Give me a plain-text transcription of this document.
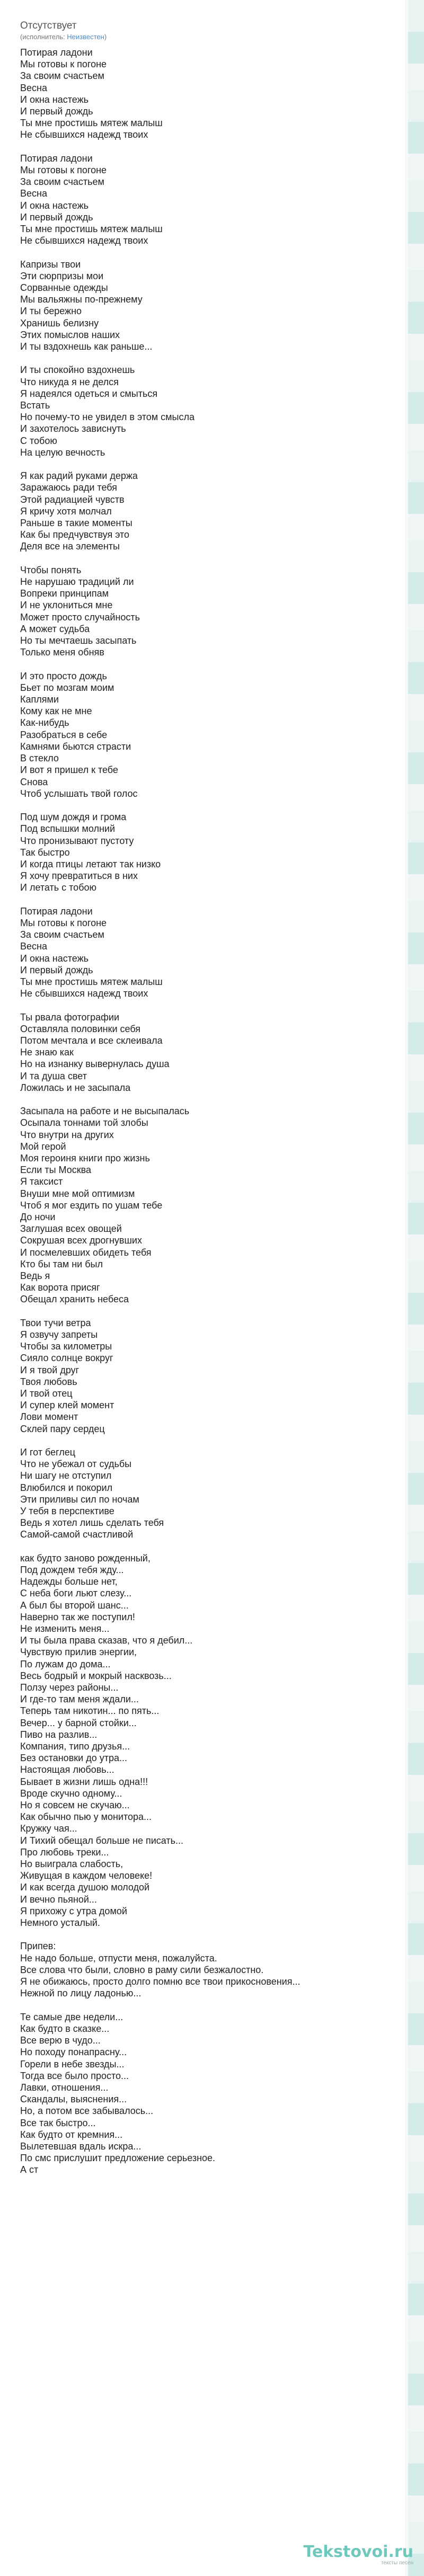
Отсутствует
(исполнитель: Неизвестен)
Потирая ладони
Мы готовы к погоне
За своим счастьем
Весна
И окна настежь
И первый дождь
Ты мне простишь мятеж малыш
Не сбывшихся надежд твоих
Потирая ладони
Мы готовы к погоне
За своим счастьем
Весна
И окна настежь
И первый дождь
Ты мне простишь мятеж малыш
Не сбывшихся надежд твоих
Капризы твои
Эти сюрпризы мои
Сорванные одежды
Мы вальяжны по-прежнему
И ты бережно
Хранишь белизну
Этих помыслов наших
И ты вздохнешь как раньше...
И ты спокойно вздохнешь
Что никуда я не делся
Я надеялся одеться и смыться
Встать
Но почему-то не увидел в этом смысла
И захотелось зависнуть
С тобою
На целую вечность
Я как радий руками держа
Заражаюсь ради тебя
Этой радиацией чувств
Я кричу хотя молчал
Раньше в такие моменты
Как бы предчувствуя это
Деля все на элементы
Чтобы понять
Не нарушаю традиций ли
Вопреки принципам
И не уклониться мне
Может просто случайность
А может судьба
Но ты мечтаешь засыпать
Только меня обняв
И это просто дождь
Бьет по мозгам моим
Каплями
Кому как не мне
Как-нибудь
Разобраться в себе
Камнями бьются страсти
В стекло
И вот я пришел к тебе
Снова
Чтоб услышать твой голос
Под шум дождя и грома
Под вспышки молний
Что пронизывают пустоту
Так быстро
И когда птицы летают так низко
Я хочу превратиться в них
И летать с тобою
Потирая ладони
Мы готовы к погоне
За своим счастьем
Весна
И окна настежь
И первый дождь
Ты мне простишь мятеж малыш
Не сбывшихся надежд твоих
Ты рвала фотографии
Оставляла половинки себя
Потом мечтала и все склеивала
Не знаю как
Но на изнанку вывернулась душа
И та душа свет
Ложилась и не засыпала
Засыпала на работе и не высыпалась
Осыпала тоннами той злобы
Что внутри на других
Мой герой
Моя героиня книги про жизнь
Если ты Москва
Я таксист
Внуши мне мой оптимизм
Чтоб я мог ездить по ушам тебе
До ночи
Заглушая всех овощей
Сокрушая всех дрогнувших
И посмелевших обидеть тебя
Кто бы там ни был
Ведь я
Как ворота присяг
Обещал хранить небеса
Твои тучи ветра
Я озвучу запреты
Чтобы за километры
Сияло солнце вокруг
И я твой друг
Твоя любовь
И твой отец
И супер клей момент
Лови момент
Склей пару сердец
И гот беглец
Что не убежал от судьбы
Ни шагу не отступил
Влюбился и покорил
Эти приливы сил по ночам
У тебя в перспективе
Ведь я хотел лишь сделать тебя
Самой-самой счастливой
как будто заново рожденный,
Под дождем тебя жду...
Надежды больше нет,
С неба боги льют слезу...
А был бы второй шанс...
Наверно так же поступил!
Не изменить меня...
И ты была права сказав, что я дебил...
Чувствую прилив энергии,
По лужам до дома...
Весь бодрый и мокрый насквозь...
Ползу через районы...
И где-то там меня ждали...
Теперь там никотин... по пять...
Вечер... у барной стойки...
Пиво на разлив...
Компания, типо друзья...
Без остановки до утра...
Настоящая любовь...
Бывает в жизни лишь одна!!!
Вроде скучно одному...
Но я совсем не скучаю...
Как обычно пью у монитора...
Кружку чая...
И Тихий обещал больше не писать...
Про любовь треки...
Но выиграла слабость,
Живущая в каждом человеке!
И как всегда душою молодой
И вечно пьяной...
Я прихожу с утра домой
Немного усталый.
Припев:
Не надо больше, отпусти меня, пожалуйста.
Все слова что были, словно в раму сили безжалостно.
Я не обижаюсь, просто долго помню все твои прикосновения...
Нежной по лицу ладонью...
Те самые две недели...
Как будто в сказке...
Все верю в чудо...
Но походу понапрасну...
Горели в небе звезды...
Тогда все было просто...
Лавки, отношения...
Скандалы, выяснения...
Но, а потом все забывалось...
Все так быстро...
Как будто от кремния...
Вылетевшая вдаль искра...
По смс прислушит предложение серьезное.
А ст
Tekstovoi.ru
тексты песен
